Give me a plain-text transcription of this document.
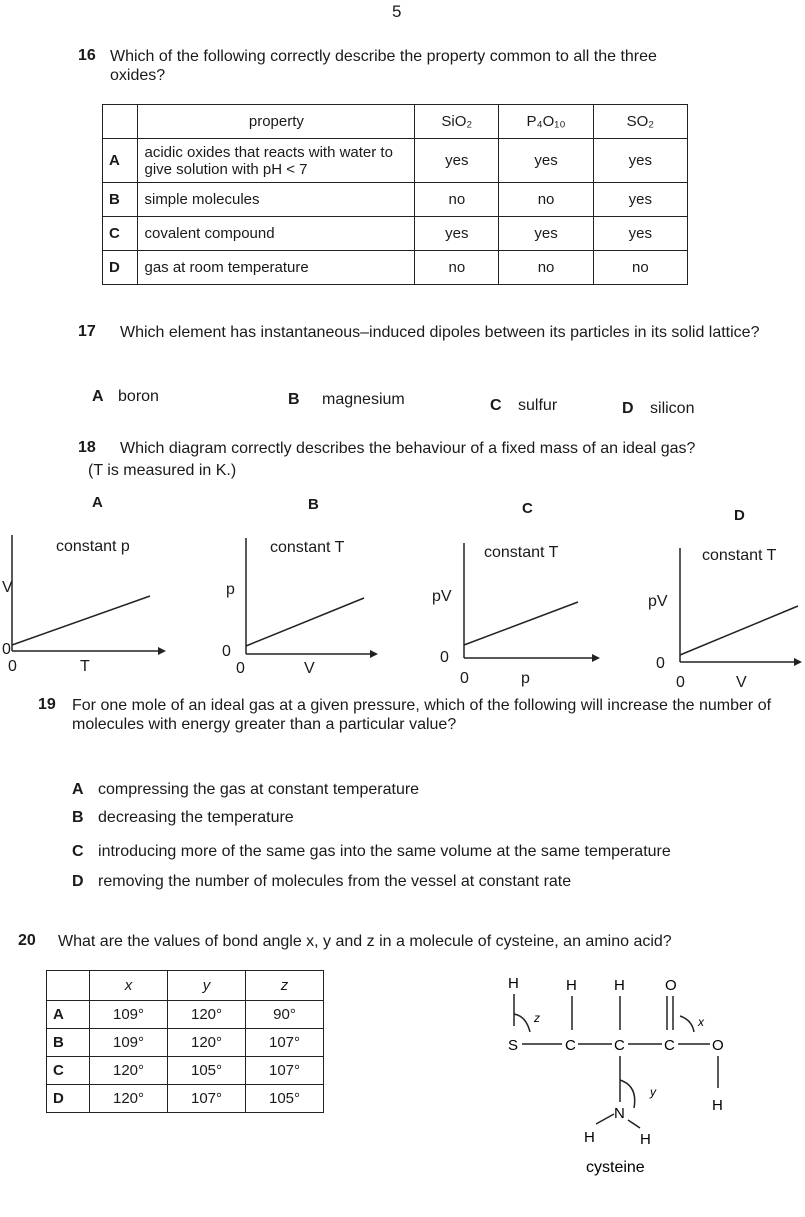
5
16 Which of the following correctly describe the property common to all the three oxides?
	property	SiO₂	P₄O₁₀	SO₂
A	acidic oxides that reacts with water to give solution with pH < 7	yes	yes	yes
B	simple molecules	no	no	yes
C	covalent compound	yes	yes	yes
D	gas at room temperature	no	no	no
17 Which element has instantaneous–induced dipoles between its particles in its solid lattice?
A boron	B magnesium	C sulfur	D silicon
18 Which diagram correctly describes the behaviour of a fixed mass of an ideal gas?
(T is measured in K.)
A
constant p
V
0
0	T
B
constant T
p
0
0	V
C
constant T
pV
0
0	p
D
constant T
pV
0
0	V
19 For one mole of an ideal gas at a given pressure, which of the following will increase the number of molecules with energy greater than a particular value?
A compressing the gas at constant temperature
B decreasing the temperature
C introducing more of the same gas into the same volume at the same temperature
D removing the number of molecules from the vessel at constant rate
20 What are the values of bond angle x, y and z in a molecule of cysteine, an amino acid?
	x	y	z
A	109°	120°	90°
B	109°	120°	107°
C	120°	105°	107°
D	120°	107°	105°
H	H H	O
S	C	C	C O
z	x
H
N
y
H	H
cysteine
